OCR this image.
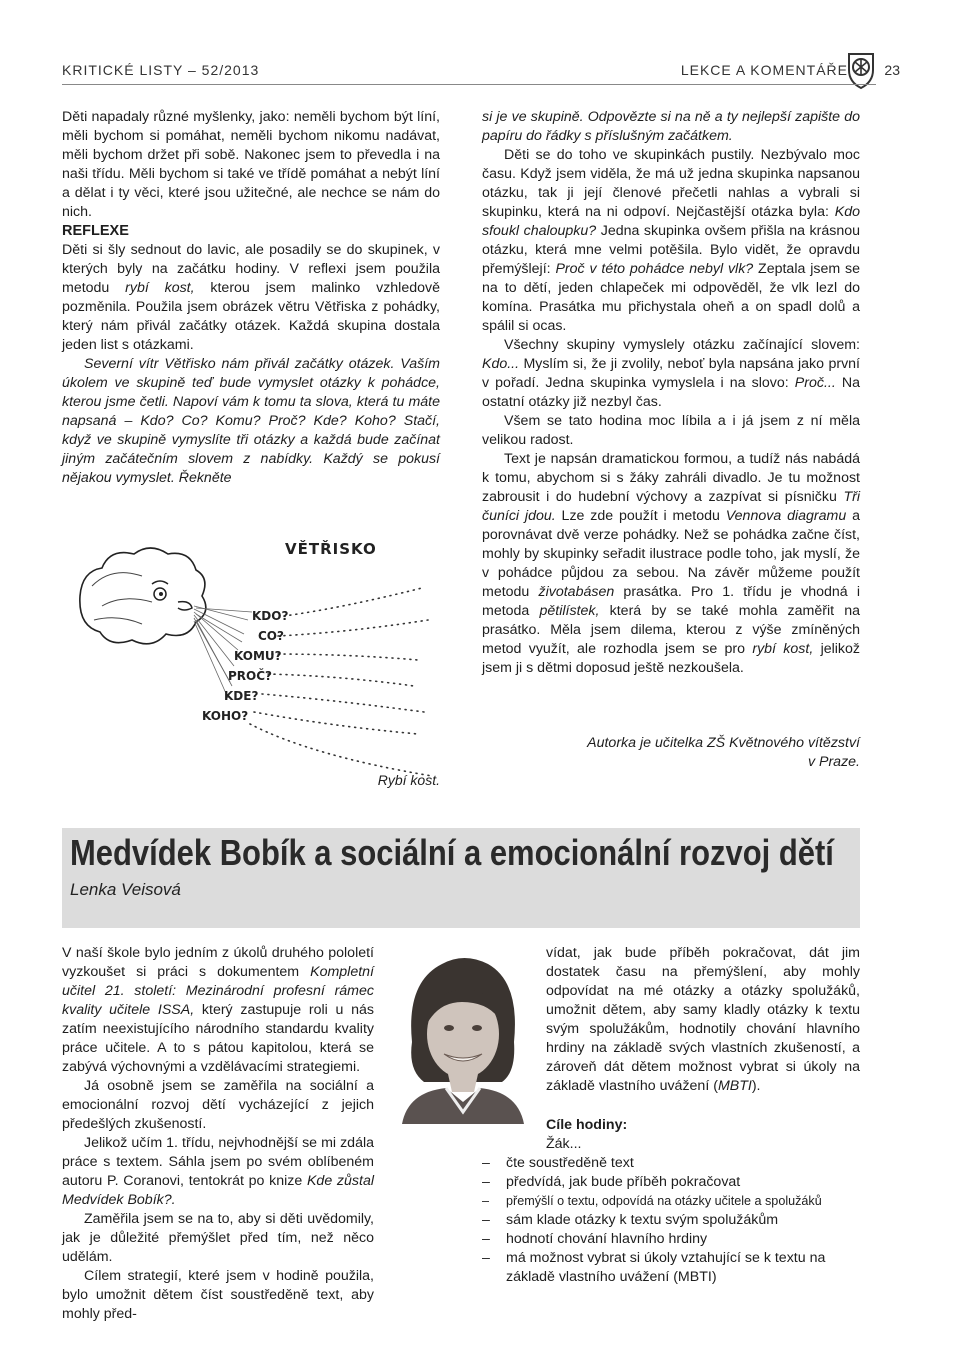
KRITICKÉ LISTY – 52/2013	LEKCE A KOMENTÁŘE	23

Děti napadaly různé myšlenky, jako: neměli bychom být líní, měli bychom si pomáhat, neměli bychom nikomu nadávat, měli bychom držet při sobě. Nakonec jsem to převedla i na naši třídu. Měli bychom si také ve třídě pomáhat a nebýt líní a dělat i ty věci, které jsou užitečné, ale nechce se nám do nich.

REFLEXE

Děti si šly sednout do lavic, ale posadily se do skupinek, v kterých byly na začátku hodiny. V reflexi jsem použila metodu rybí kost, kterou jsem malinko vzhledově pozměnila. Použila jsem obrázek větru Větřiska z pohádky, který nám přivál začátky otázek. Každá skupina dostala jeden list s otázkami.

Severní vítr Větřisko nám přivál začátky otázek. Vaším úkolem ve skupině teď bude vymyslet otázky k pohádce, kterou jsme četli. Napoví vám k tomu ta slova, která tu máte napsaná – Kdo? Co? Komu? Proč? Kde? Koho? Stačí, když ve skupině vymyslíte tři otázky a každá bude začínat jiným začátečním slovem z nabídky. Každý se pokusí nějakou vymyslet. Řekněte

VĚTŘISKO
KDO?
CO?
KOMU?
PROČ?
KDE?
KOHO?
Rybí kost.

si je ve skupině. Odpovězte si na ně a ty nejlepší zapište do papíru do řádky s příslušným začátkem.

Děti se do toho ve skupinkách pustily. Nezbývalo moc času. Když jsem viděla, že má už jedna skupinka napsanou otázku, tak ji její členové přečetli nahlas a vybrali si skupinku, která na ni odpoví. Nejčastější otázka byla: Kdo sfoukl chaloupku? Jedna skupinka ovšem přišla na krásnou otázku, která mne velmi potěšila. Bylo vidět, že opravdu přemýšlejí: Proč v této pohádce nebyl vlk? Zeptala jsem se na to dětí, jeden chlapeček mi odpověděl, že vlk lezl do komína. Prasátka mu přichystala oheň a on spadl dolů a spálil si ocas.

Všechny skupiny vymyslely otázku začínající slovem: Kdo... Myslím si, že ji zvolily, neboť byla napsána jako první v pořadí. Jedna skupinka vymyslela i na slovo: Proč... Na ostatní otázky již nezbyl čas.

Všem se tato hodina moc líbila a i já jsem z ní měla velikou radost.

Text je napsán dramatickou formou, a tudíž nás nabádá k tomu, abychom si s žáky zahráli divadlo. Je tu možnost zabrousit i do hudební výchovy a zazpívat si písničku Tři čuníci jdou. Lze zde použít i metodu Vennova diagramu a porovnávat dvě verze pohádky. Než se pohádka začne číst, mohly by skupinky seřadit ilustrace podle toho, jak myslí, že v pohádce půjdou za sebou. Na závěr můžeme použít metodu životabásen prasátka. Pro 1. třídu je vhodná i metoda pětilístek, která by se také mohla zaměřit na prasátko. Měla jsem dilema, kterou z výše zmíněných metod využít, ale rozhodla jsem se pro rybí kost, jelikož jsem ji s dětmi doposud ještě nezkoušela.

Autorka je učitelka ZŠ Květnového vítězství
v Praze.
Medvídek Bobík a sociální a emocionální rozvoj dětí
Lenka Veisová

V naší škole bylo jedním z úkolů druhého pololetí vyzkoušet si práci s dokumentem Kompletní učitel 21. století: Mezinárodní profesní rámec kvality učitele ISSA, který zastupuje roli u nás zatím neexistujícího národního standardu kvality práce učitele. A to s pátou kapitolou, která se zabývá výchovnými a vzdělávacími strategiemi.

Já osobně jsem se zaměřila na sociální a emocionální rozvoj dětí vycházející z jejich předešlých zkušeností.

Jelikož učím 1. třídu, nejvhodnější se mi zdála práce s textem. Sáhla jsem po svém oblíbeném autoru P. Coranovi, tentokrát po knize Kde zůstal Medvídek Bobík?.

Zaměřila jsem se na to, aby si děti uvědomily, jak je důležité přemýšlet před tím, než něco udělám.

Cílem strategií, které jsem v hodině použila, bylo umožnit dětem číst soustředěně text, aby mohly před-

vídat, jak bude příběh pokračovat, dát jim dostatek času na přemýšlení, aby mohly odpovídat na mé otázky a otázky spolužáků, umožnit dětem, aby samy kladly otázky k textu svým spolužákům, hodnotily chování hlavního hrdiny na základě svých vlastních zkušeností, a zároveň dát dětem možnost vybrat si úkoly na základě vlastního uvážení (MBTI).

Cíle hodiny:
Žák...
– čte soustředěně text
– předvídá, jak bude příběh pokračovat
– přemýšlí o textu, odpovídá na otázky učitele a spolužáků
– sám klade otázky k textu svým spolužákům
– hodnotí chování hlavního hrdiny
– má možnost vybrat si úkoly vztahující se k textu na základě vlastního uvážení (MBTI)
